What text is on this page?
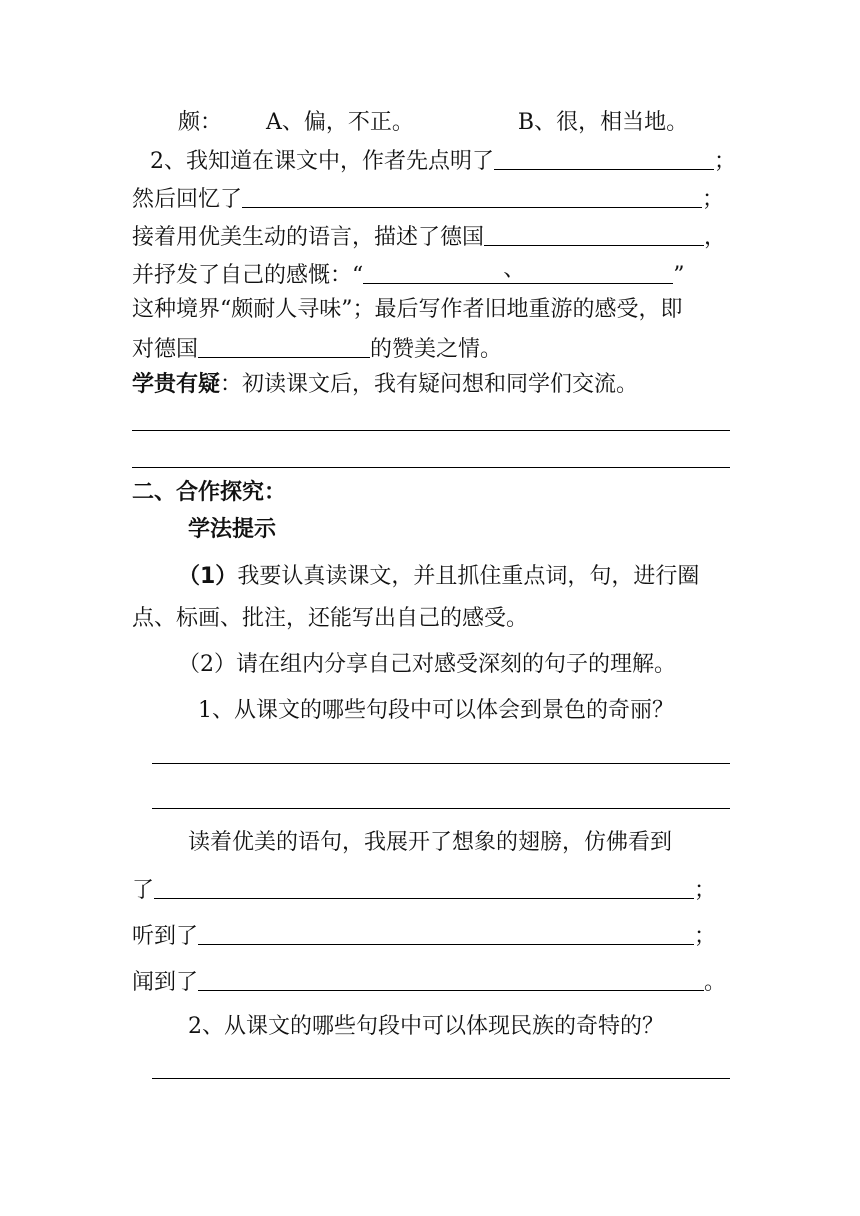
颇： A、偏，不正。	B、很，相当地。
2、我知道在课文中，作者先点明了	；
然后回忆了	；
接着用优美生动的语言，描述了德国	，
并抒发了自己的感慨：“	、	”
这种境界“颇耐人寻味”；最后写作者旧地重游的感受，即
对德国	的赞美之情。
学贵有疑：初读课文后，我有疑问想和同学们交流。
二、合作探究：
学法提示
（1）我要认真读课文，并且抓住重点词，句，进行圈
点、标画、批注，还能写出自己的感受。
（2）请在组内分享自己对感受深刻的句子的理解。
1、从课文的哪些句段中可以体会到景色的奇丽？
读着优美的语句，我展开了想象的翅膀，仿佛看到
了	；
听到了	；
闻到了	。
2、从课文的哪些句段中可以体现民族的奇特的？
